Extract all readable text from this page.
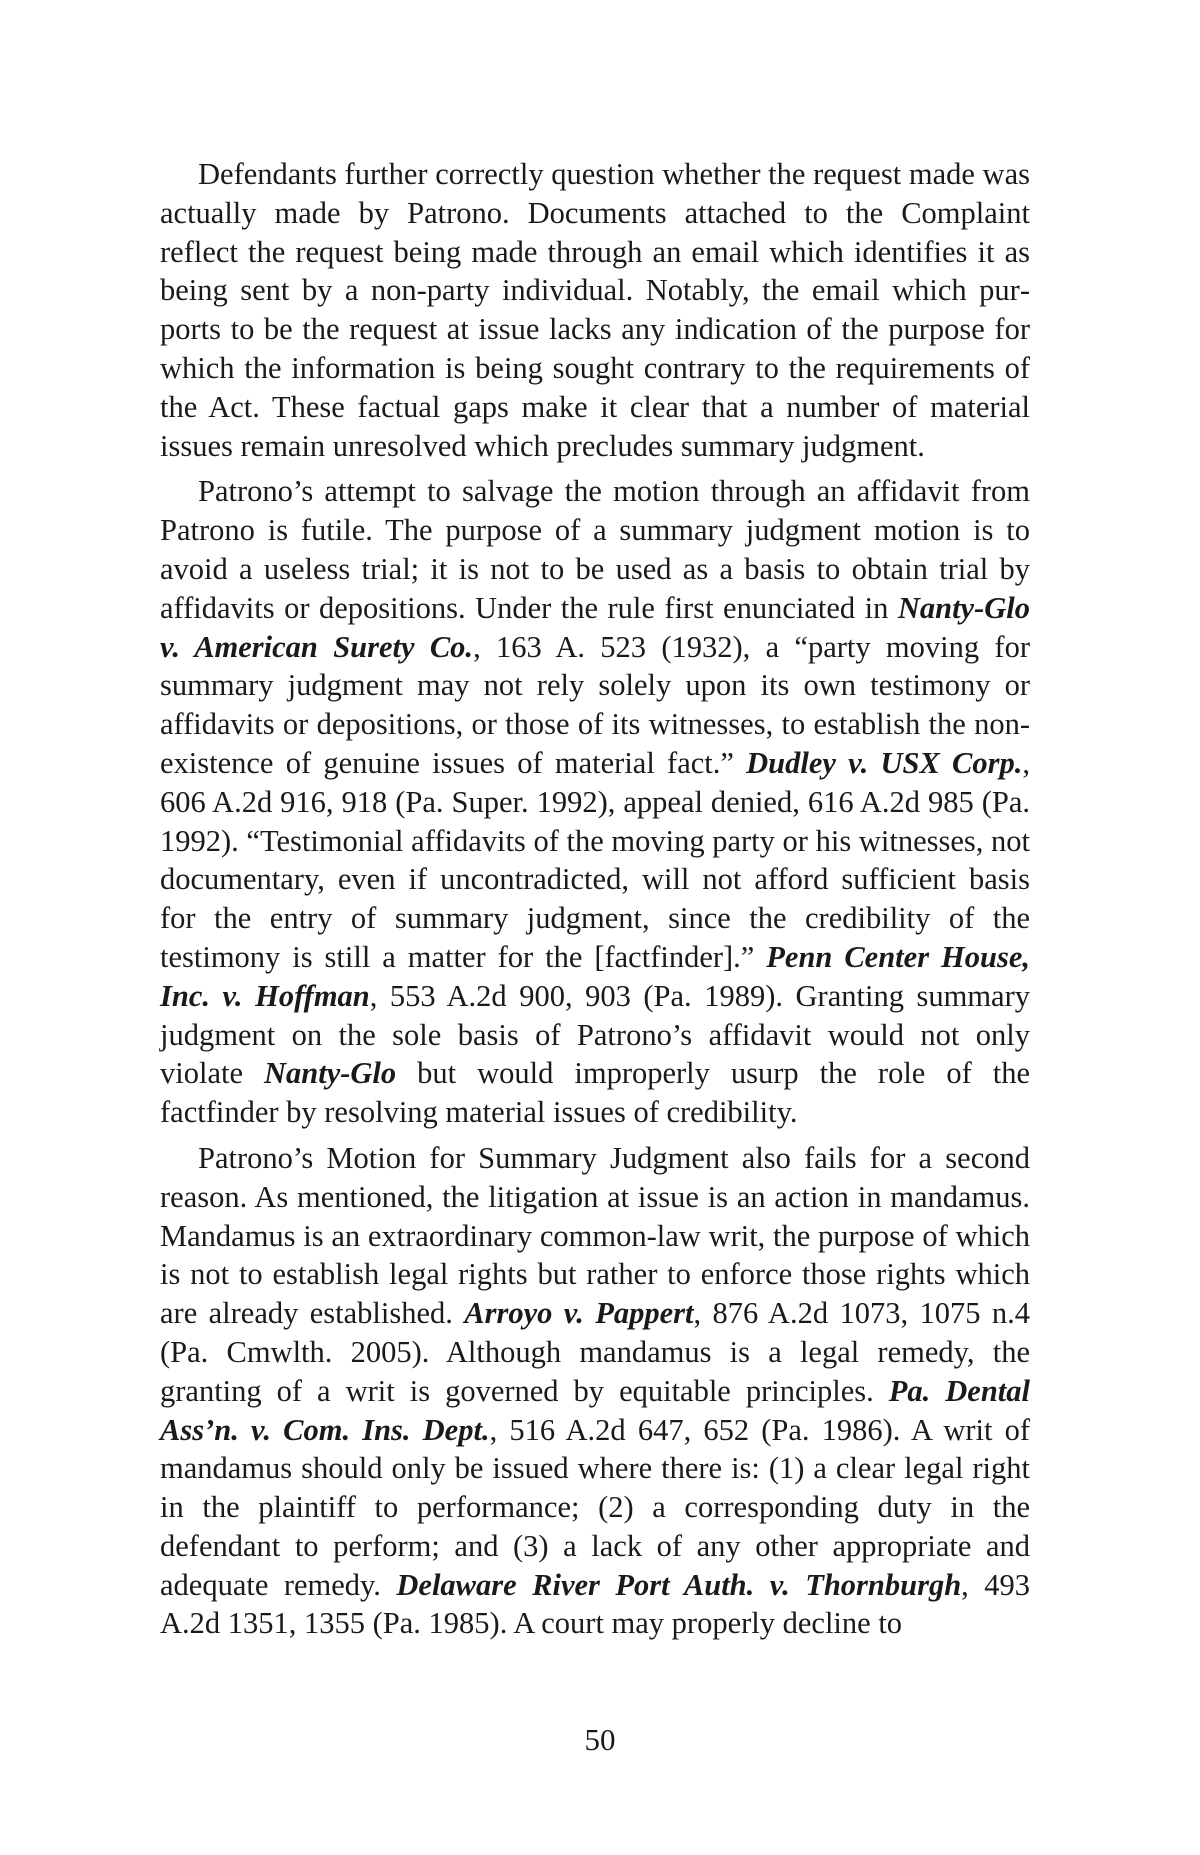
Defendants further correctly question whether the request made was actually made by Patrono. Documents attached to the Complaint reflect the request being made through an email which identifies it as being sent by a non-party individual. Notably, the email which purports to be the request at issue lacks any indication of the purpose for which the information is being sought contrary to the requirements of the Act. These factual gaps make it clear that a number of material issues remain unresolved which precludes summary judgment.

Patrono’s attempt to salvage the motion through an affidavit from Patrono is futile. The purpose of a summary judgment motion is to avoid a useless trial; it is not to be used as a basis to obtain trial by affidavits or depositions. Under the rule first enunciated in Nanty-Glo v. American Surety Co., 163 A. 523 (1932), a “party moving for summary judgment may not rely solely upon its own testimony or affidavits or depositions, or those of its witnesses, to establish the non-existence of genuine issues of material fact.” Dudley v. USX Corp., 606 A.2d 916, 918 (Pa. Super. 1992), appeal denied, 616 A.2d 985 (Pa. 1992). “Testimonial affidavits of the moving party or his witnesses, not documentary, even if uncontradicted, will not afford sufficient basis for the entry of summary judgment, since the credibility of the testimony is still a matter for the [factfinder].” Penn Center House, Inc. v. Hoffman, 553 A.2d 900, 903 (Pa. 1989). Granting summary judgment on the sole basis of Patrono’s affidavit would not only violate Nanty-Glo but would improperly usurp the role of the factfinder by resolving material issues of credibility.

Patrono’s Motion for Summary Judgment also fails for a second reason. As mentioned, the litigation at issue is an action in mandamus. Mandamus is an extraordinary common-law writ, the purpose of which is not to establish legal rights but rather to enforce those rights which are already established. Arroyo v. Pappert, 876 A.2d 1073, 1075 n.4 (Pa. Cmwlth. 2005). Although mandamus is a legal remedy, the granting of a writ is governed by equitable principles. Pa. Dental Ass’n. v. Com. Ins. Dept., 516 A.2d 647, 652 (Pa. 1986). A writ of mandamus should only be issued where there is: (1) a clear legal right in the plaintiff to performance; (2) a corresponding duty in the defendant to perform; and (3) a lack of any other appropriate and adequate remedy. Delaware River Port Auth. v. Thornburgh, 493 A.2d 1351, 1355 (Pa. 1985). A court may properly decline to

50
